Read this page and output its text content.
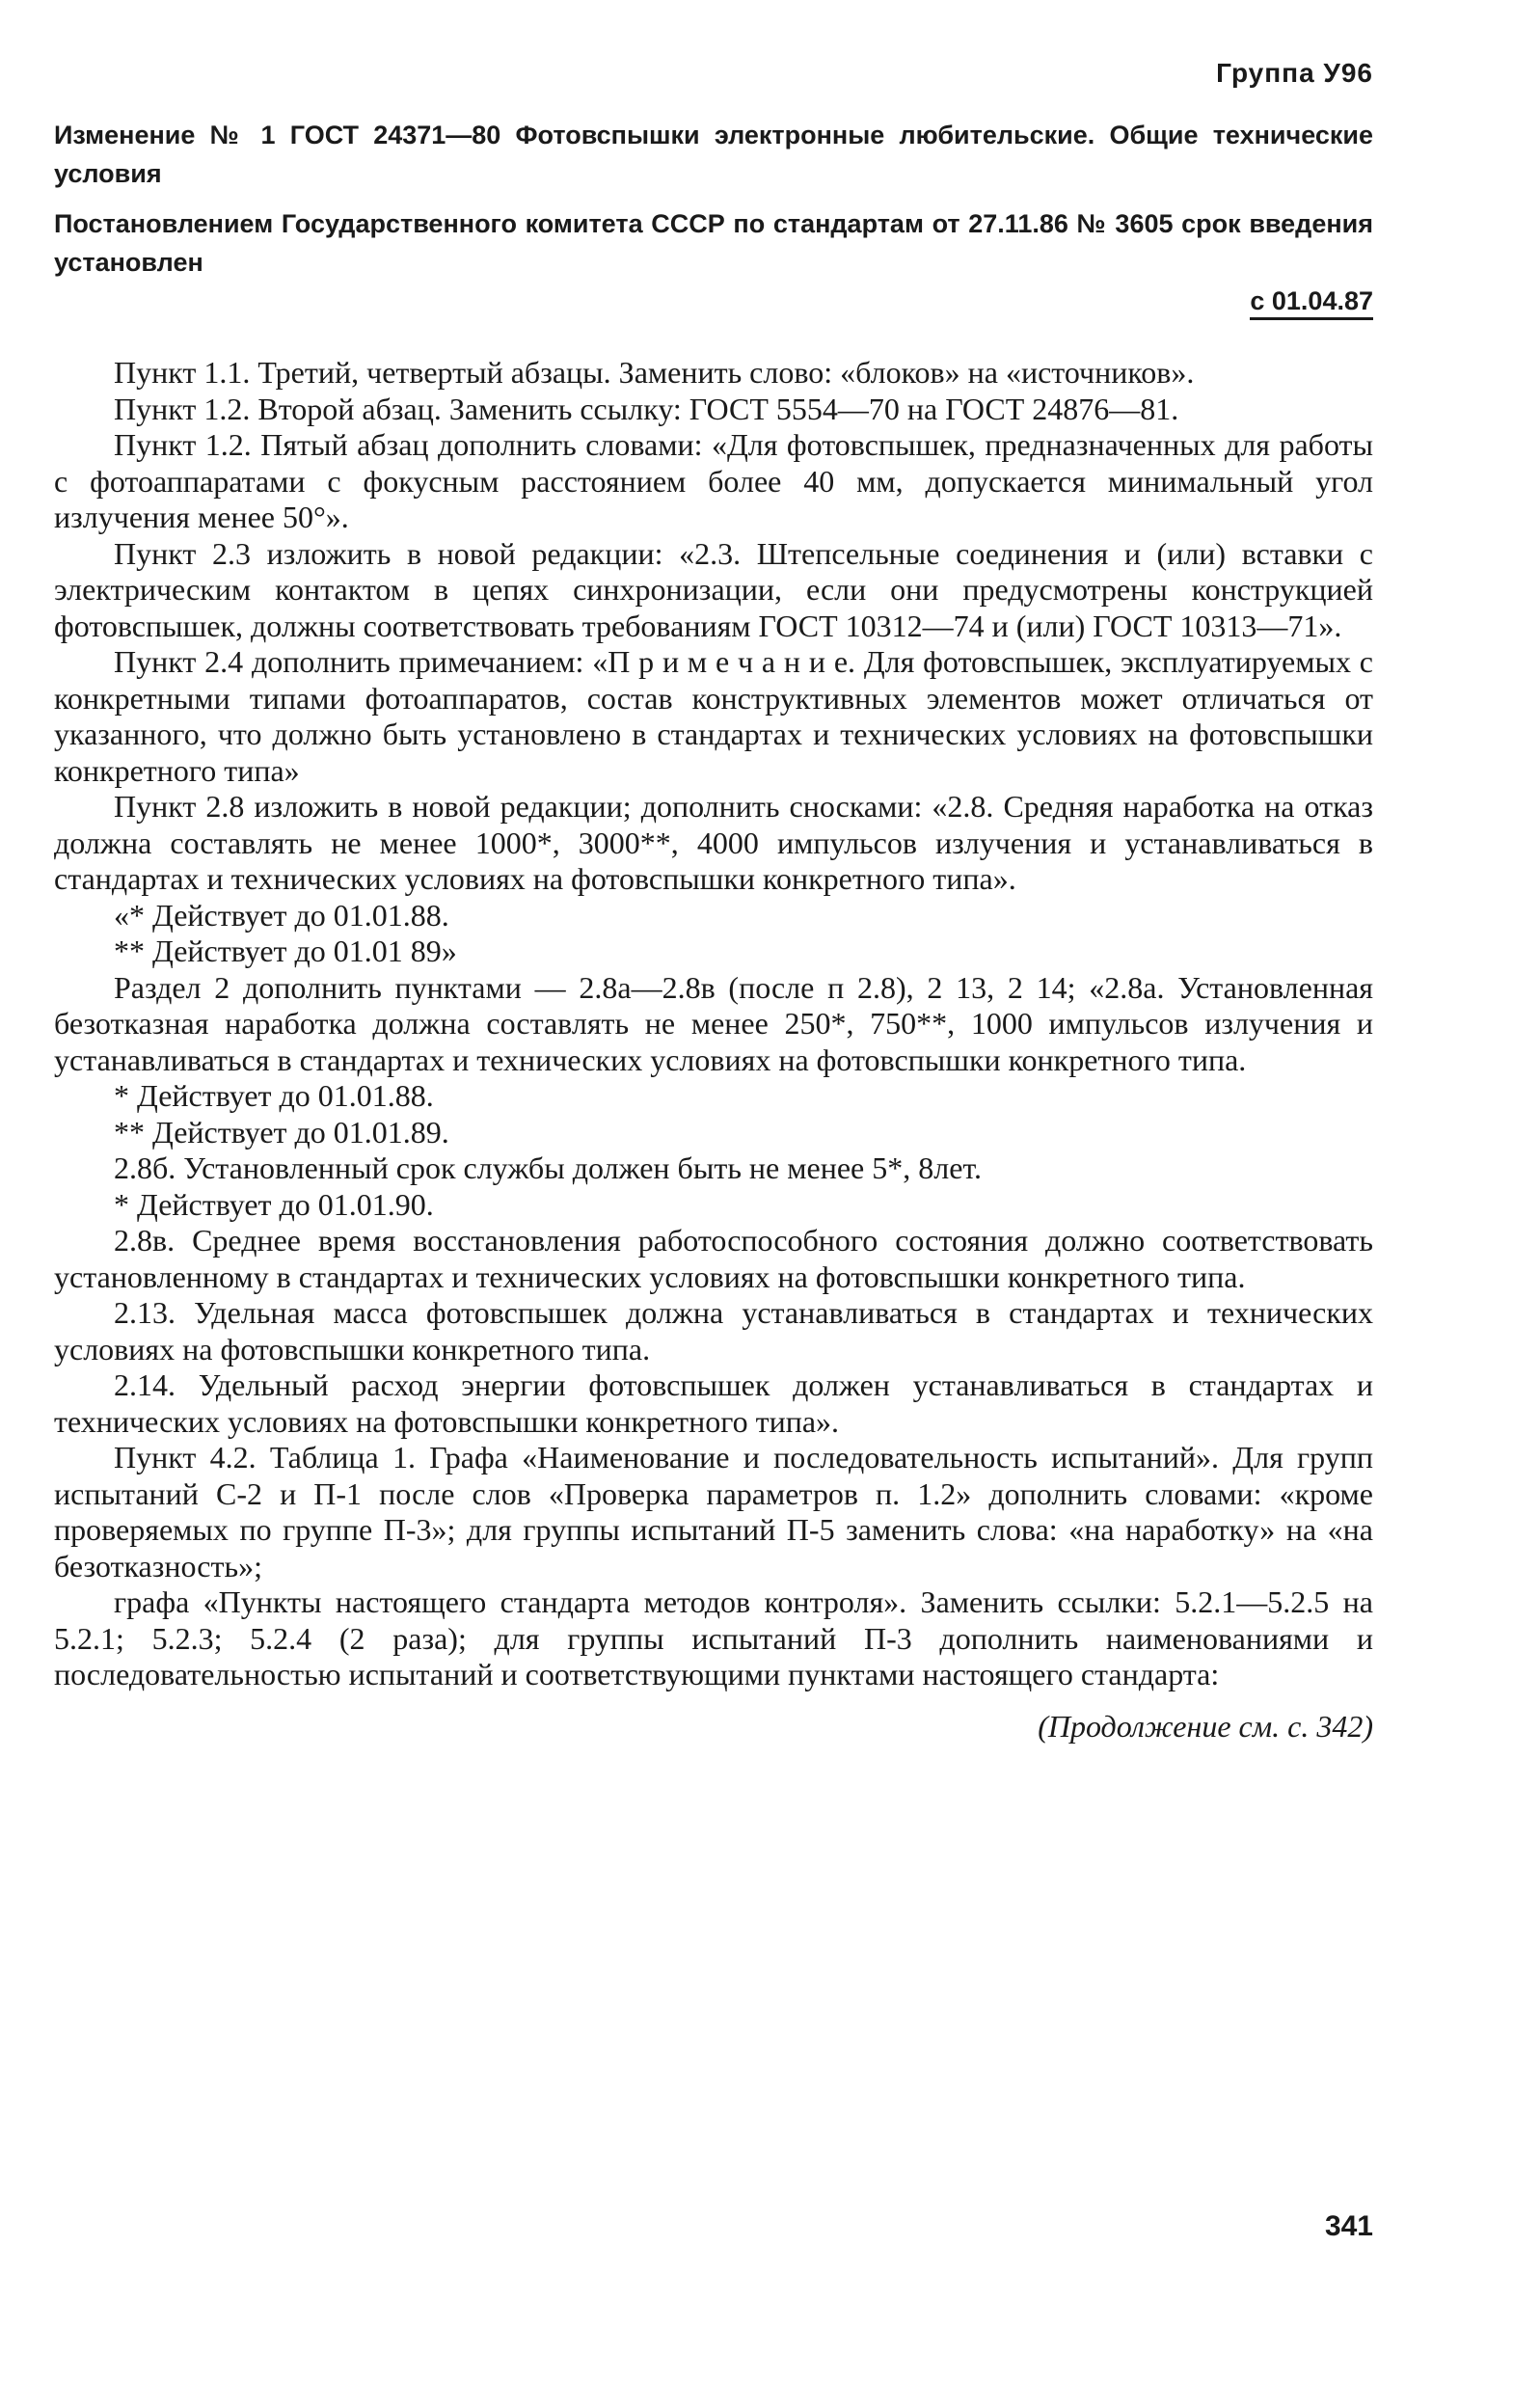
Группа У96
Изменение № 1 ГОСТ 24371—80 Фотовспышки электронные любительские. Общие технические условия
Постановлением Государственного комитета СССР по стандартам от 27.11.86 № 3605 срок введения установлен
с 01.04.87

Пункт 1.1. Третий, четвертый абзацы. Заменить слово: «блоков» на «источников».

Пункт 1.2. Второй абзац. Заменить ссылку: ГОСТ 5554—70 на ГОСТ 24876—81.

Пункт 1.2. Пятый абзац дополнить словами: «Для фотовспышек, предназначенных для работы с фотоаппаратами с фокусным расстоянием более 40 мм, допускается минимальный угол излучения менее 50°».

Пункт 2.3 изложить в новой редакции: «2.3. Штепсельные соединения и (или) вставки с электрическим контактом в цепях синхронизации, если они предусмотрены конструкцией фотовспышек, должны соответствовать требованиям ГОСТ 10312—74 и (или) ГОСТ 10313—71».

Пункт 2.4 дополнить примечанием: «П р и м е ч а н и е. Для фотовспышек, эксплуатируемых с конкретными типами фотоаппаратов, состав конструктивных элементов может отличаться от указанного, что должно быть установлено в стандартах и технических условиях на фотовспышки конкретного типа»

Пункт 2.8 изложить в новой редакции; дополнить сносками: «2.8. Средняя наработка на отказ должна составлять не менее 1000*, 3000**, 4000 импульсов излучения и устанавливаться в стандартах и технических условиях на фотовспышки конкретного типа».

«* Действует до 01.01.88.

** Действует до 01.01 89»

Раздел 2 дополнить пунктами — 2.8а—2.8в (после п 2.8), 2 13, 2 14; «2.8а. Установленная безотказная наработка должна составлять не менее 250*, 750**, 1000 импульсов излучения и устанавливаться в стандартах и технических условиях на фотовспышки конкретного типа.

* Действует до 01.01.88.

** Действует до 01.01.89.

2.8б. Установленный срок службы должен быть не менее 5*, 8лет.

* Действует до 01.01.90.

2.8в. Среднее время восстановления работоспособного состояния должно соответствовать установленному в стандартах и технических условиях на фотовспышки конкретного типа.

2.13. Удельная масса фотовспышек должна устанавливаться в стандартах и технических условиях на фотовспышки конкретного типа.

2.14. Удельный расход энергии фотовспышек должен устанавливаться в стандартах и технических условиях на фотовспышки конкретного типа».

Пункт 4.2. Таблица 1. Графа «Наименование и последовательность испытаний». Для групп испытаний С-2 и П-1 после слов «Проверка параметров п. 1.2» дополнить словами: «кроме проверяемых по группе П-3»; для группы испытаний П-5 заменить слова: «на наработку» на «на безотказность»;

графа «Пункты настоящего стандарта методов контроля». Заменить ссылки: 5.2.1—5.2.5 на 5.2.1; 5.2.3; 5.2.4 (2 раза); для группы испытаний П-3 дополнить наименованиями и последовательностью испытаний и соответствующими пунктами настоящего стандарта:

(Продолжение см. с. 342)
341
